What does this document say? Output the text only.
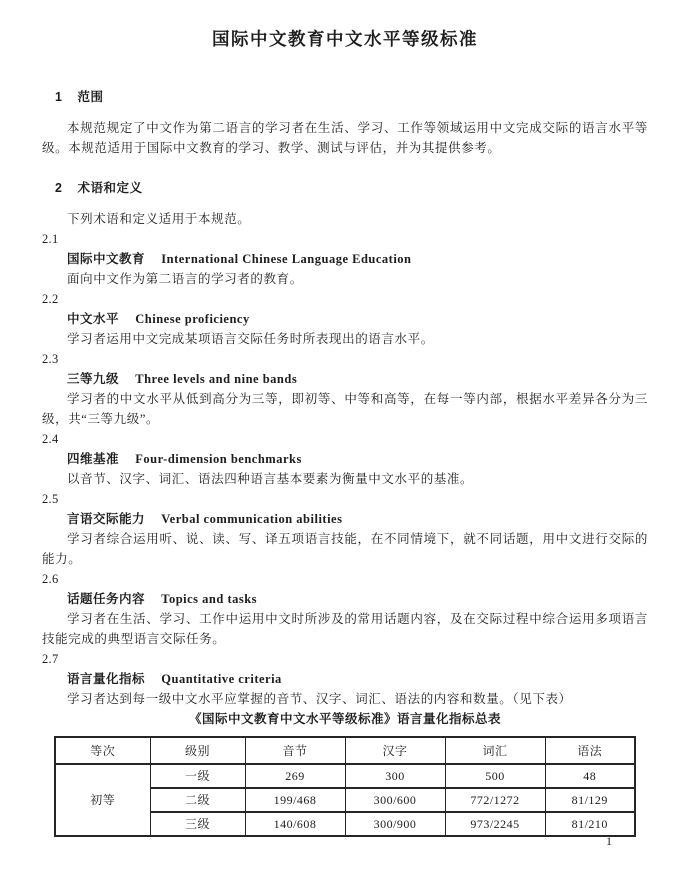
国际中文教育中文水平等级标准
1 范围

本规范规定了中文作为第二语言的学习者在生活、学习、工作等领域运用中文完成交际的语言水平等级。本规范适用于国际中文教育的学习、教学、测试与评估，并为其提供参考。

2 术语和定义

下列术语和定义适用于本规范。

2.1
国际中文教育 International Chinese Language Education

面向中文作为第二语言的学习者的教育。

2.2
中文水平 Chinese proficiency

学习者运用中文完成某项语言交际任务时所表现出的语言水平。

2.3
三等九级 Three levels and nine bands

学习者的中文水平从低到高分为三等，即初等、中等和高等，在每一等内部，根据水平差异各分为三级，共“三等九级”。

2.4
四维基准 Four-dimension benchmarks

以音节、汉字、词汇、语法四种语言基本要素为衡量中文水平的基准。

2.5
言语交际能力 Verbal communication abilities

学习者综合运用听、说、读、写、译五项语言技能，在不同情境下，就不同话题，用中文进行交际的能力。

2.6
话题任务内容 Topics and tasks

学习者在生活、学习、工作中运用中文时所涉及的常用话题内容，及在交际过程中综合运用多项语言技能完成的典型语言交际任务。

2.7
语言量化指标 Quantitative criteria

学习者达到每一级中文水平应掌握的音节、汉字、词汇、语法的内容和数量。（见下表）

《国际中文教育中文水平等级标准》语言量化指标总表
等次	级别	音节	汉字	词汇	语法
初等	一级	269	300	500	48
	二级	199/468	300/600	772/1272	81/129
	三级	140/608	300/900	973/2245	81/210
1
